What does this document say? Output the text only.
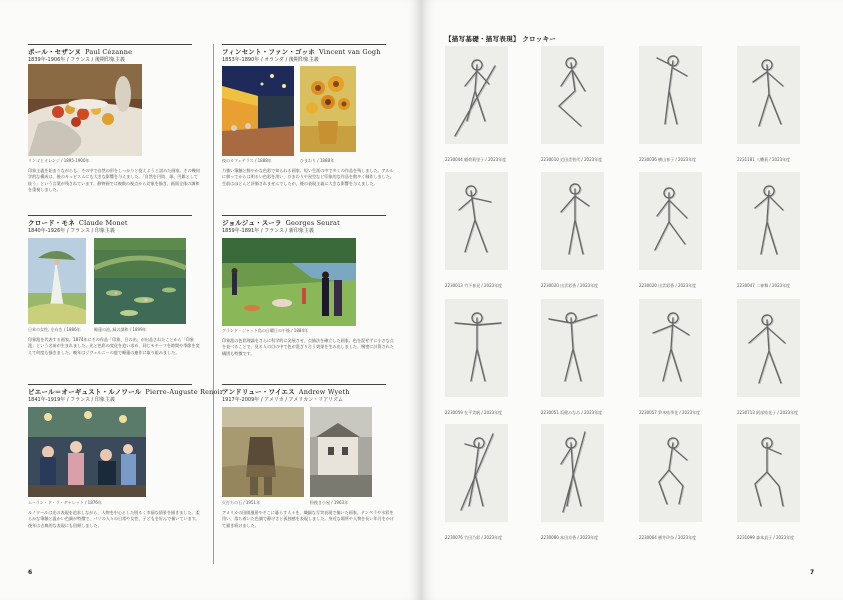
ポール・セザンヌ Paul Cézanne
1839年-1906年 / フランス / 後期印象主義
リンゴとオレンジ / 1895-1900年
印象主義を始まりながらも、その中で自然の形をしっかりと捉えようと試みた画家。その幾何学的な構成は、後のキュビスムにも大きな影響を与えました。「自然を円筒、球、円錐として扱う」という言葉が残されています。静物画では複数の視点から対象を描き、画面全体の調和を重視しました。
クロード・モネ Claude Monet
1840年-1926年 / フランス / 印象主義
日傘の女性, 左向き / 1886年	睡蓮の池, 緑の調和 / 1899年
印象派を代表する画家。1874年にその作品「印象、日の出」が出品されたことから「印象派」という名前が生まれました。光と色彩の変化を追い求め、同じモチーフを時間や季節を変えて何度も描きました。晩年はジヴェルニーの庭で睡蓮の連作に取り組みました。
ピエール＝オーギュスト・ルノワール Pierre-Auguste Renoir
1841年-1919年 / フランス / 印象主義
ムーラン・ド・ラ・ギャレット / 1876年
ルノワールは光の表現を追求しながら、人物を中心とした明るく幸福な情景を描きました。柔らかな筆触と温かい色調が特徴で、パリの人々の日常や女性、子どもを好んで描いています。後年は古典的な表現にも回帰しました。
フィンセント・ファン・ゴッホ Vincent van Gogh
1853年-1890年 / オランダ / 後期印象主義
夜のカフェテラス / 1888年	ひまわり / 1888年
力強い筆触と鮮やかな色彩で知られる画家。短い生涯の中で多くの作品を残しました。アルルに移ってからは明るい色彩を用い、ひまわりや星空など印象的な作品を数多く制作しました。生前はほとんど評価されませんでしたが、後の表現主義に大きな影響を与えました。
ジョルジュ・スーラ Georges Seurat
1859年-1891年 / フランス / 新印象主義
グランド・ジャット島の日曜日の午後 / 1884年
印象派の色彩理論をさらに科学的に発展させ、点描法を確立した画家。色を混ぜずに小さな点を並べることで、見る人の目の中で色が混ざり合う効果を生み出しました。緻密に計算された構図も特徴です。
アンドリュー・ワイエス Andrew Wyeth
1917年-2009年 / アメリカ / アメリカン・リアリズム
火打ちの石 / 1951年	粉挽き小屋 / 1963年
アメリカの田園風景やそこに暮らす人々を、繊細な写実表現で描いた画家。テンペラや水彩を用い、落ち着いた色調で静けさと孤独感を表現しました。身近な場所や人物を長い年月をかけて描き続けました。
6
【描写基礎・描写表現】 クロッキー
2230044 稲荷莉里子 / 2023年度	2230010 近田美智代 / 2023年度	2230036 横山春子 / 2023年度	2231181 八幡莉 / 2023年度
2230013 竹下春見 / 2023年度	2230020 出雲彩香 / 2023年度	2230020 出雲彩香 / 2023年度	2230047 二神舞 / 2023年度
2230059 在平美帆 / 2023年度	2230051 坂健みなみ / 2023年度	2230057 鈴木結季花 / 2023年度	2230713 阿部結花子 / 2023年度
2230076 竹田乃彩 / 2023年度	2230080 本田京香 / 2023年度	2230064 横井玲奈 / 2023年度	2231099 森本直子 / 2023年度
7
